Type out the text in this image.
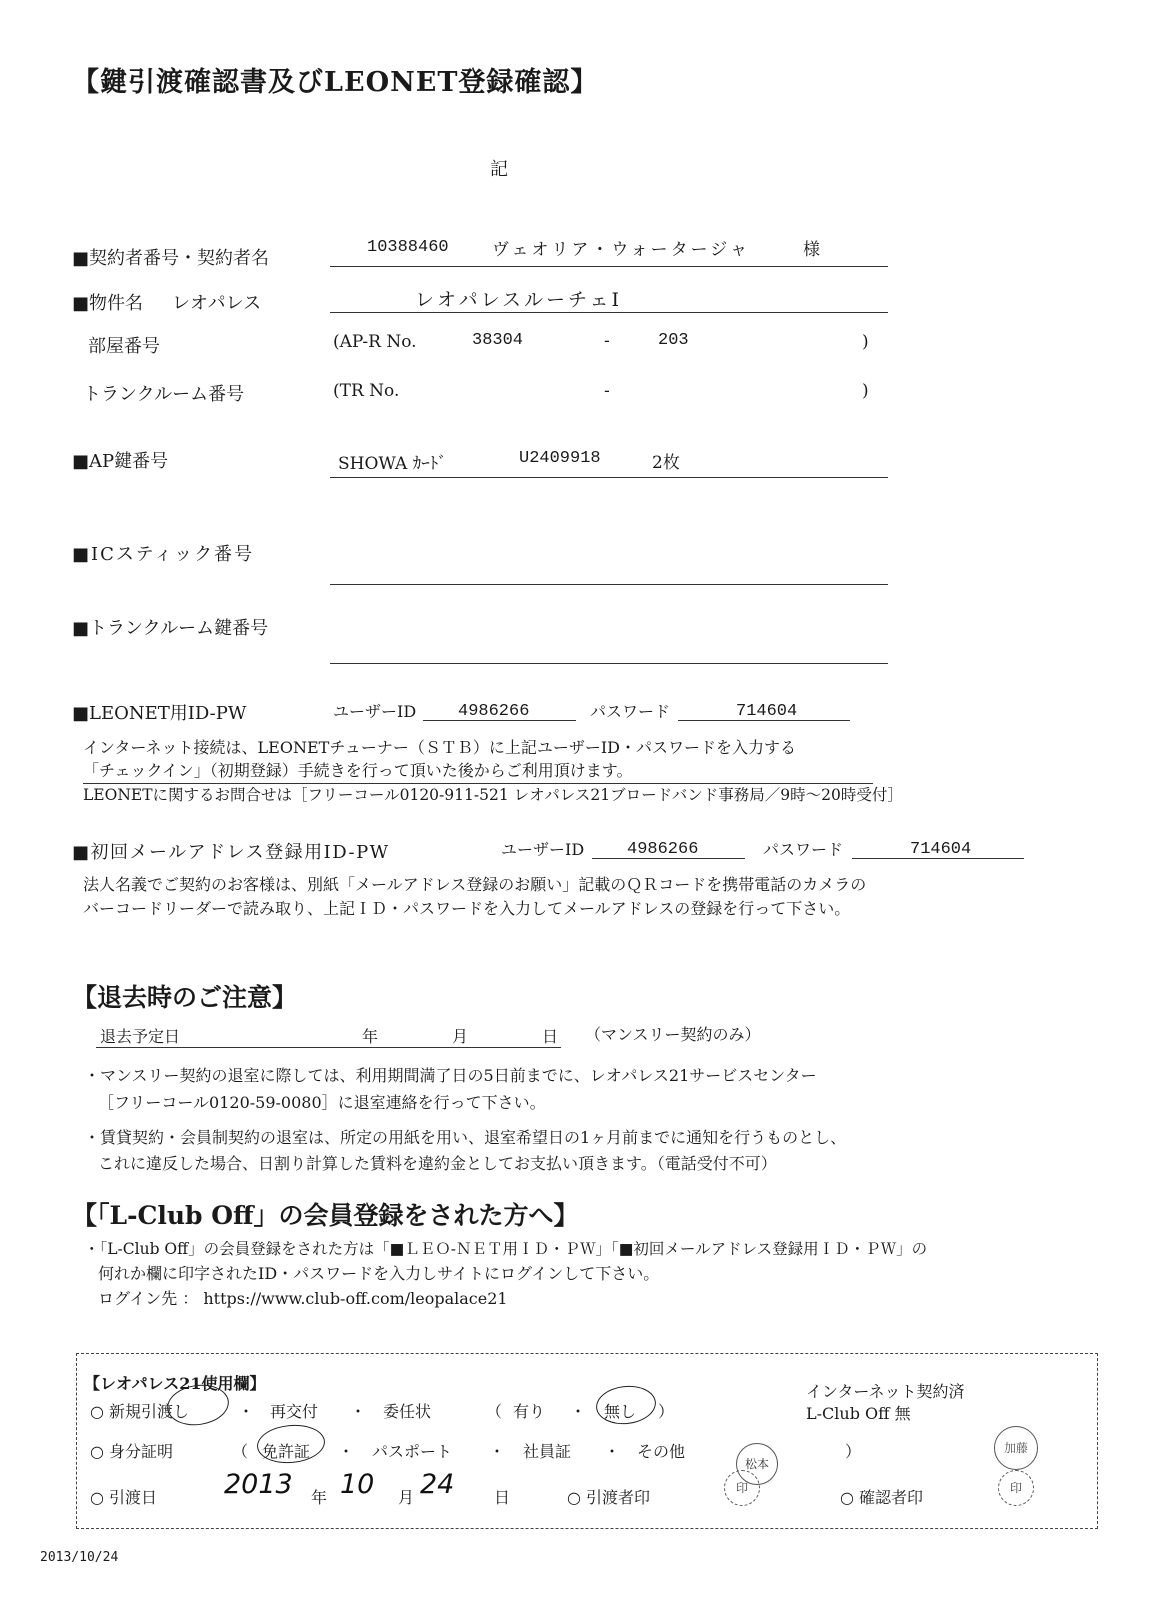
【鍵引渡確認書及びLEONET登録確認】
記
■契約者番号・契約者名
10388460	ヴェオリア・ウォータージャ	様
■物件名 レオパレス	レオパレスルーチェⅠ
部屋番号	(AP-R No.	38304	-	203	)
トランクルーム番号	(TR No.	-	)
■AP鍵番号	SHOWA ｶｰﾄﾞ	U2409918	2枚
■ICスティック番号
■トランクルーム鍵番号
■LEONET用ID-PW	ユーザーID 4986266	パスワード	714604
インターネット接続は、LEONETチューナー（ＳＴＢ）に上記ユーザーID・パスワードを入力する
「チェックイン」（初期登録）手続きを行って頂いた後からご利用頂けます。
LEONETに関するお問合せは［フリーコール0120-911-521 レオパレス21ブロードバンド事務局／9時～20時受付］
■初回メールアドレス登録用ID-PW	ユーザーID	4986266	パスワード	714604
法人名義でご契約のお客様は、別紙「メールアドレス登録のお願い」記載のＱＲコードを携帯電話のカメラの
バーコードリーダーで読み取り、上記ＩＤ・パスワードを入力してメールアドレスの登録を行って下さい。
【退去時のご注意】
退去予定日	年	月	日 （マンスリー契約のみ）
・マンスリー契約の退室に際しては、利用期間満了日の5日前までに、レオパレス21サービスセンター
［フリーコール0120-59-0080］に退室連絡を行って下さい。
・賃貸契約・会員制契約の退室は、所定の用紙を用い、退室希望日の1ヶ月前までに通知を行うものとし、
これに違反した場合、日割り計算した賃料を違約金としてお支払い頂きます。（電話受付不可）
【「L-Club Off」の会員登録をされた方へ】
・「L-Club Off」の会員登録をされた方は「■ＬＥＯ-ＮＥＴ用ＩＤ・ＰＷ」「■初回メールアドレス登録用ＩＤ・ＰＷ」の
何れか欄に印字されたID・パスワードを入力しサイトにログインして下さい。
ログイン先 ： https://www.club-off.com/leopalace21
【レオパレス21使用欄】
○ 新規引渡し	・ 再交付 ・ 委任状	（ 有り ・ 無し ）
インターネット契約済
L-Club Off 無
○ 身分証明	（ 免許証 ・ パスポート ・ 社員証 ・ その他	）
○ 引渡日 2013 年 10 月 24 日	○ 引渡者印
印
松本
○ 確認者印
印
加藤
2013/10/24
